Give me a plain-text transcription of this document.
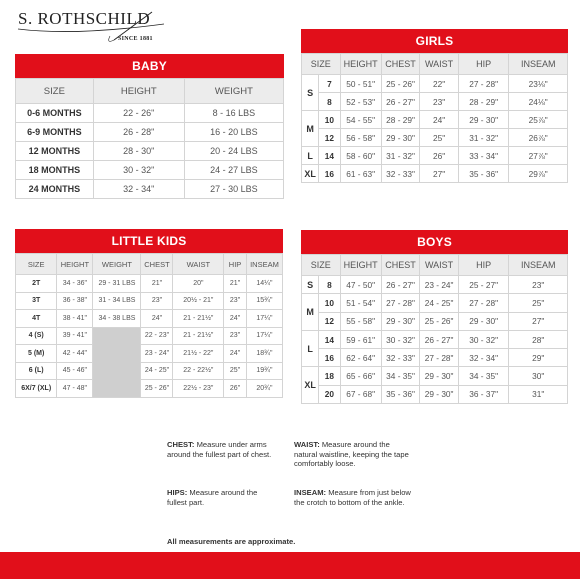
S. ROTHSCHILD
SINCE 1881
BABY
SIZE	HEIGHT	WEIGHT
0-6 MONTHS	22 - 26"	8 - 16 LBS
6-9 MONTHS	26 - 28"	16 - 20 LBS
12 MONTHS	28 - 30"	20 - 24 LBS
18 MONTHS	30 - 32"	24 - 27 LBS
24 MONTHS	32 - 34"	27 - 30 LBS
GIRLS
SIZE		HEIGHT	CHEST	WAIST	HIP	INSEAM
S	7	50 - 51"	25 - 26"	22"	27 - 28"	23⅛"
	8	52 - 53"	26 - 27"	23"	28 - 29"	24⅛"
M	10	54 - 55"	28 - 29"	24"	29 - 30"	25⅞"
	12	56 - 58"	29 - 30"	25"	31 - 32"	26⅞"
L	14	58 - 60"	31 - 32"	26"	33 - 34"	27⅞"
XL	16	61 - 63"	32 - 33"	27"	35 - 36"	29⅞"
LITTLE KIDS
SIZE	HEIGHT	WEIGHT	CHEST	WAIST	HIP	INSEAM
2T	34 - 36"	29 - 31 LBS	21"	20"	21"	14¼"
3T	36 - 38"	31 - 34 LBS	23"	20½ - 21"	23"	15¾"
4T	38 - 41"	34 - 38 LBS	24"	21 - 21½"	24"	17¼"
4 (S)	39 - 41"		22 - 23"	21 - 21½"	23"	17¼"
5 (M)	42 - 44"		23 - 24"	21½ - 22"	24"	18¾"
6 (L)	45 - 46"		24 - 25"	22 - 22½"	25"	19¾"
6X/7 (XL)	47 - 48"		25 - 26"	22½ - 23"	26"	20¾"
BOYS
SIZE		HEIGHT	CHEST	WAIST	HIP	INSEAM
S	8	47 - 50"	26 - 27"	23 - 24"	25 - 27"	23"
M	10	51 - 54"	27 - 28"	24 - 25"	27 - 28"	25"
	12	55 - 58"	29 - 30"	25 - 26"	29 - 30"	27"
L	14	59 - 61"	30 - 32"	26 - 27"	30 - 32"	28"
	16	62 - 64"	32 - 33"	27 - 28"	32 - 34"	29"
XL	18	65 - 66"	34 - 35"	29 - 30"	34 - 35"	30"
	20	67 - 68"	35 - 36"	29 - 30"	36 - 37"	31"
CHEST: Measure under arms around the fullest part of chest.
WAIST: Measure around the natural waistline, keeping the tape comfortably loose.
HIPS: Measure around the fullest part.
INSEAM: Measure from just below the crotch to bottom of the ankle.
All measurements are approximate.
